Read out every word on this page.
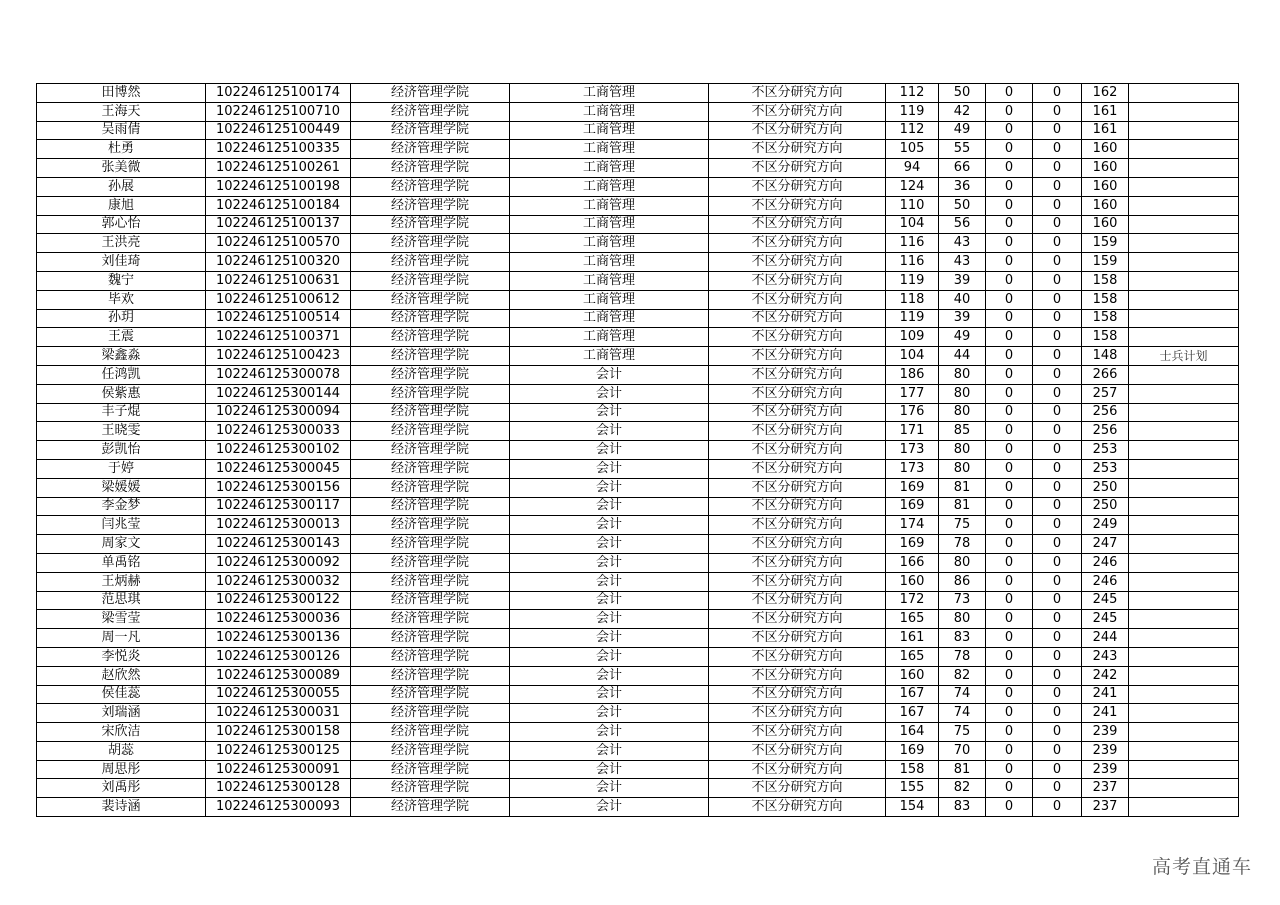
田博然	102246125100174	经济管理学院	工商管理	不区分研究方向	112	50	0	0	162	
王海天	102246125100710	经济管理学院	工商管理	不区分研究方向	119	42	0	0	161	
吴雨倩	102246125100449	经济管理学院	工商管理	不区分研究方向	112	49	0	0	161	
杜勇	102246125100335	经济管理学院	工商管理	不区分研究方向	105	55	0	0	160	
张美微	102246125100261	经济管理学院	工商管理	不区分研究方向	94	66	0	0	160	
孙展	102246125100198	经济管理学院	工商管理	不区分研究方向	124	36	0	0	160	
康旭	102246125100184	经济管理学院	工商管理	不区分研究方向	110	50	0	0	160	
郭心怡	102246125100137	经济管理学院	工商管理	不区分研究方向	104	56	0	0	160	
王洪亮	102246125100570	经济管理学院	工商管理	不区分研究方向	116	43	0	0	159	
刘佳琦	102246125100320	经济管理学院	工商管理	不区分研究方向	116	43	0	0	159	
魏宁	102246125100631	经济管理学院	工商管理	不区分研究方向	119	39	0	0	158	
毕欢	102246125100612	经济管理学院	工商管理	不区分研究方向	118	40	0	0	158	
孙玥	102246125100514	经济管理学院	工商管理	不区分研究方向	119	39	0	0	158	
王震	102246125100371	经济管理学院	工商管理	不区分研究方向	109	49	0	0	158	
梁鑫淼	102246125100423	经济管理学院	工商管理	不区分研究方向	104	44	0	0	148	士兵计划
任鸿凯	102246125300078	经济管理学院	会计	不区分研究方向	186	80	0	0	266	
侯紫惠	102246125300144	经济管理学院	会计	不区分研究方向	177	80	0	0	257	
丰子焜	102246125300094	经济管理学院	会计	不区分研究方向	176	80	0	0	256	
王晓雯	102246125300033	经济管理学院	会计	不区分研究方向	171	85	0	0	256	
彭凯怡	102246125300102	经济管理学院	会计	不区分研究方向	173	80	0	0	253	
于婷	102246125300045	经济管理学院	会计	不区分研究方向	173	80	0	0	253	
梁媛媛	102246125300156	经济管理学院	会计	不区分研究方向	169	81	0	0	250	
李金梦	102246125300117	经济管理学院	会计	不区分研究方向	169	81	0	0	250	
闫兆莹	102246125300013	经济管理学院	会计	不区分研究方向	174	75	0	0	249	
周家文	102246125300143	经济管理学院	会计	不区分研究方向	169	78	0	0	247	
单禹铭	102246125300092	经济管理学院	会计	不区分研究方向	166	80	0	0	246	
王炳赫	102246125300032	经济管理学院	会计	不区分研究方向	160	86	0	0	246	
范思琪	102246125300122	经济管理学院	会计	不区分研究方向	172	73	0	0	245	
梁雪莹	102246125300036	经济管理学院	会计	不区分研究方向	165	80	0	0	245	
周一凡	102246125300136	经济管理学院	会计	不区分研究方向	161	83	0	0	244	
李悦炎	102246125300126	经济管理学院	会计	不区分研究方向	165	78	0	0	243	
赵欣然	102246125300089	经济管理学院	会计	不区分研究方向	160	82	0	0	242	
侯佳蕊	102246125300055	经济管理学院	会计	不区分研究方向	167	74	0	0	241	
刘瑞涵	102246125300031	经济管理学院	会计	不区分研究方向	167	74	0	0	241	
宋欣洁	102246125300158	经济管理学院	会计	不区分研究方向	164	75	0	0	239	
胡蕊	102246125300125	经济管理学院	会计	不区分研究方向	169	70	0	0	239	
周思彤	102246125300091	经济管理学院	会计	不区分研究方向	158	81	0	0	239	
刘禹彤	102246125300128	经济管理学院	会计	不区分研究方向	155	82	0	0	237	
裴诗涵	102246125300093	经济管理学院	会计	不区分研究方向	154	83	0	0	237	
高考直通车
